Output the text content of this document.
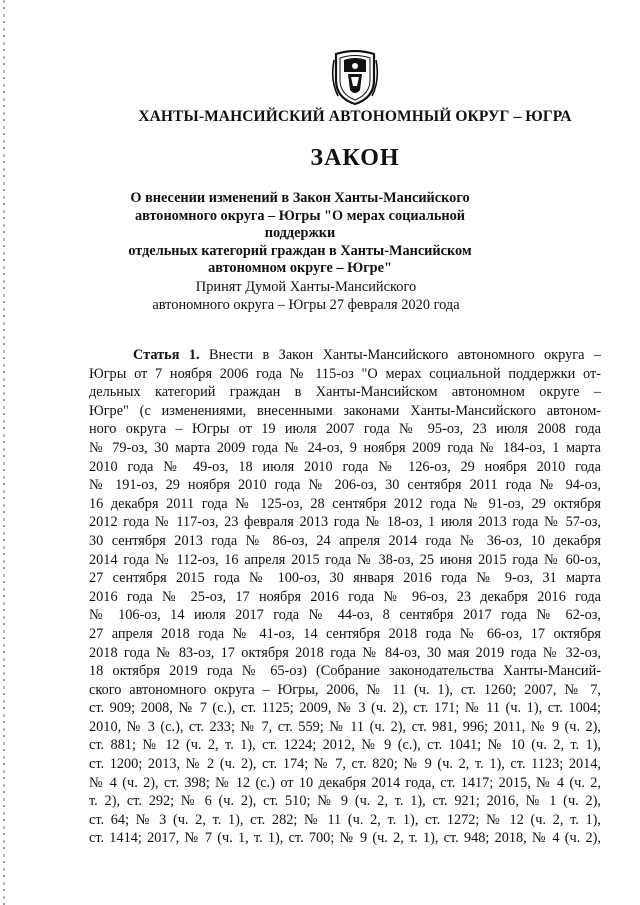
ХАНТЫ-МАНСИЙСКИЙ АВТОНОМНЫЙ ОКРУГ – ЮГРА
ЗАКОН
О внесении изменений в Закон Ханты-Мансийского
автономного округа – Югры "О мерах социальной поддержки
отдельных категорий граждан в Ханты-Мансийском
автономном округе – Югре"
Принят Думой Ханты-Мансийского
автономного округа – Югры 27 февраля 2020 года
Статья 1. Внести в Закон Ханты-Мансийского автономного округа –
Югры от 7 ноября 2006 года № 115-оз "О мерах социальной поддержки от-
дельных категорий граждан в Ханты-Мансийском автономном округе –
Югре" (с изменениями, внесенными законами Ханты-Мансийского автоном-
ного округа – Югры от 19 июля 2007 года № 95-оз, 23 июля 2008 года
№ 79-оз, 30 марта 2009 года № 24-оз, 9 ноября 2009 года № 184-оз, 1 марта
2010 года № 49-оз, 18 июля 2010 года № 126-оз, 29 ноября 2010 года
№ 191-оз, 29 ноября 2010 года № 206-оз, 30 сентября 2011 года № 94-оз,
16 декабря 2011 года № 125-оз, 28 сентября 2012 года № 91-оз, 29 октября
2012 года № 117-оз, 23 февраля 2013 года № 18-оз, 1 июля 2013 года № 57-оз,
30 сентября 2013 года № 86-оз, 24 апреля 2014 года № 36-оз, 10 декабря
2014 года № 112-оз, 16 апреля 2015 года № 38-оз, 25 июня 2015 года № 60-оз,
27 сентября 2015 года № 100-оз, 30 января 2016 года № 9-оз, 31 марта
2016 года № 25-оз, 17 ноября 2016 года № 96-оз, 23 декабря 2016 года
№ 106-оз, 14 июля 2017 года № 44-оз, 8 сентября 2017 года № 62-оз,
27 апреля 2018 года № 41-оз, 14 сентября 2018 года № 66-оз, 17 октября
2018 года № 83-оз, 17 октября 2018 года № 84-оз, 30 мая 2019 года № 32-оз,
18 октября 2019 года № 65-оз) (Собрание законодательства Ханты-Мансий-
ского автономного округа – Югры, 2006, № 11 (ч. 1), ст. 1260; 2007, № 7,
ст. 909; 2008, № 7 (с.), ст. 1125; 2009, № 3 (ч. 2), ст. 171; № 11 (ч. 1), ст. 1004;
2010, № 3 (с.), ст. 233; № 7, ст. 559; № 11 (ч. 2), ст. 981, 996; 2011, № 9 (ч. 2),
ст. 881; № 12 (ч. 2, т. 1), ст. 1224; 2012, № 9 (с.), ст. 1041; № 10 (ч. 2, т. 1),
ст. 1200; 2013, № 2 (ч. 2), ст. 174; № 7, ст. 820; № 9 (ч. 2, т. 1), ст. 1123; 2014,
№ 4 (ч. 2), ст. 398; № 12 (с.) от 10 декабря 2014 года, ст. 1417; 2015, № 4 (ч. 2,
т. 2), ст. 292; № 6 (ч. 2), ст. 510; № 9 (ч. 2, т. 1), ст. 921; 2016, № 1 (ч. 2),
ст. 64; № 3 (ч. 2, т. 1), ст. 282; № 11 (ч. 2, т. 1), ст. 1272; № 12 (ч. 2, т. 1),
ст. 1414; 2017, № 7 (ч. 1, т. 1), ст. 700; № 9 (ч. 2, т. 1), ст. 948; 2018, № 4 (ч. 2),
